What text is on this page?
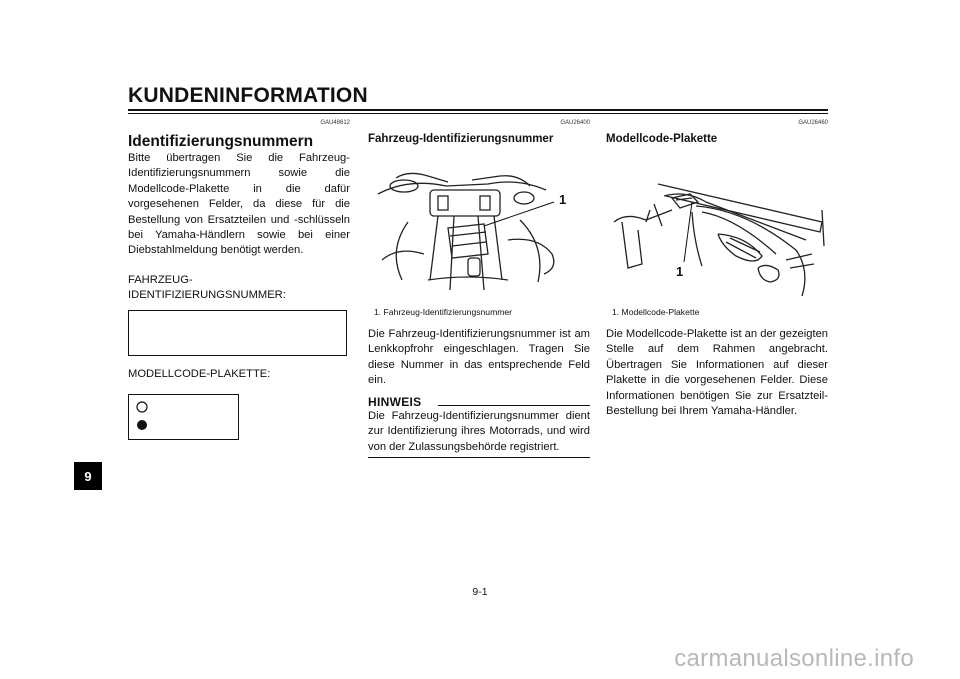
KUNDENINFORMATION
GAU48612
Identifizierungsnummern
Bitte übertragen Sie die Fahrzeug-Identifizierungsnummern sowie die Modellcode-Plakette in die dafür vorgesehenen Felder, da diese für die Bestellung von Ersatzteilen und -schlüsseln bei Yamaha-Händlern sowie bei einer Diebstahlmeldung benötigt werden.
FAHRZEUG-
IDENTIFIZIERUNGSNUMMER:
MODELLCODE-PLAKETTE:
GAU26400
Fahrzeug-Identifizierungsnummer
1
1. Fahrzeug-Identifizierungsnummer
Die Fahrzeug-Identifizierungsnummer ist am Lenkkopfrohr eingeschlagen. Tragen Sie diese Nummer in das entsprechende Feld ein.
HINWEIS
Die Fahrzeug-Identifizierungsnummer dient zur Identifizierung ihres Motorrads, und wird von der Zulassungsbehörde registriert.
GAU26460
Modellcode-Plakette
1
1. Modellcode-Plakette
Die Modellcode-Plakette ist an der gezeigten Stelle auf dem Rahmen angebracht. Übertragen Sie Informationen auf dieser Plakette in die vorgesehenen Felder. Diese Informationen benötigen Sie zur Ersatzteil-Bestellung bei Ihrem Yamaha-Händler.
9
9-1
carmanualsonline.info
